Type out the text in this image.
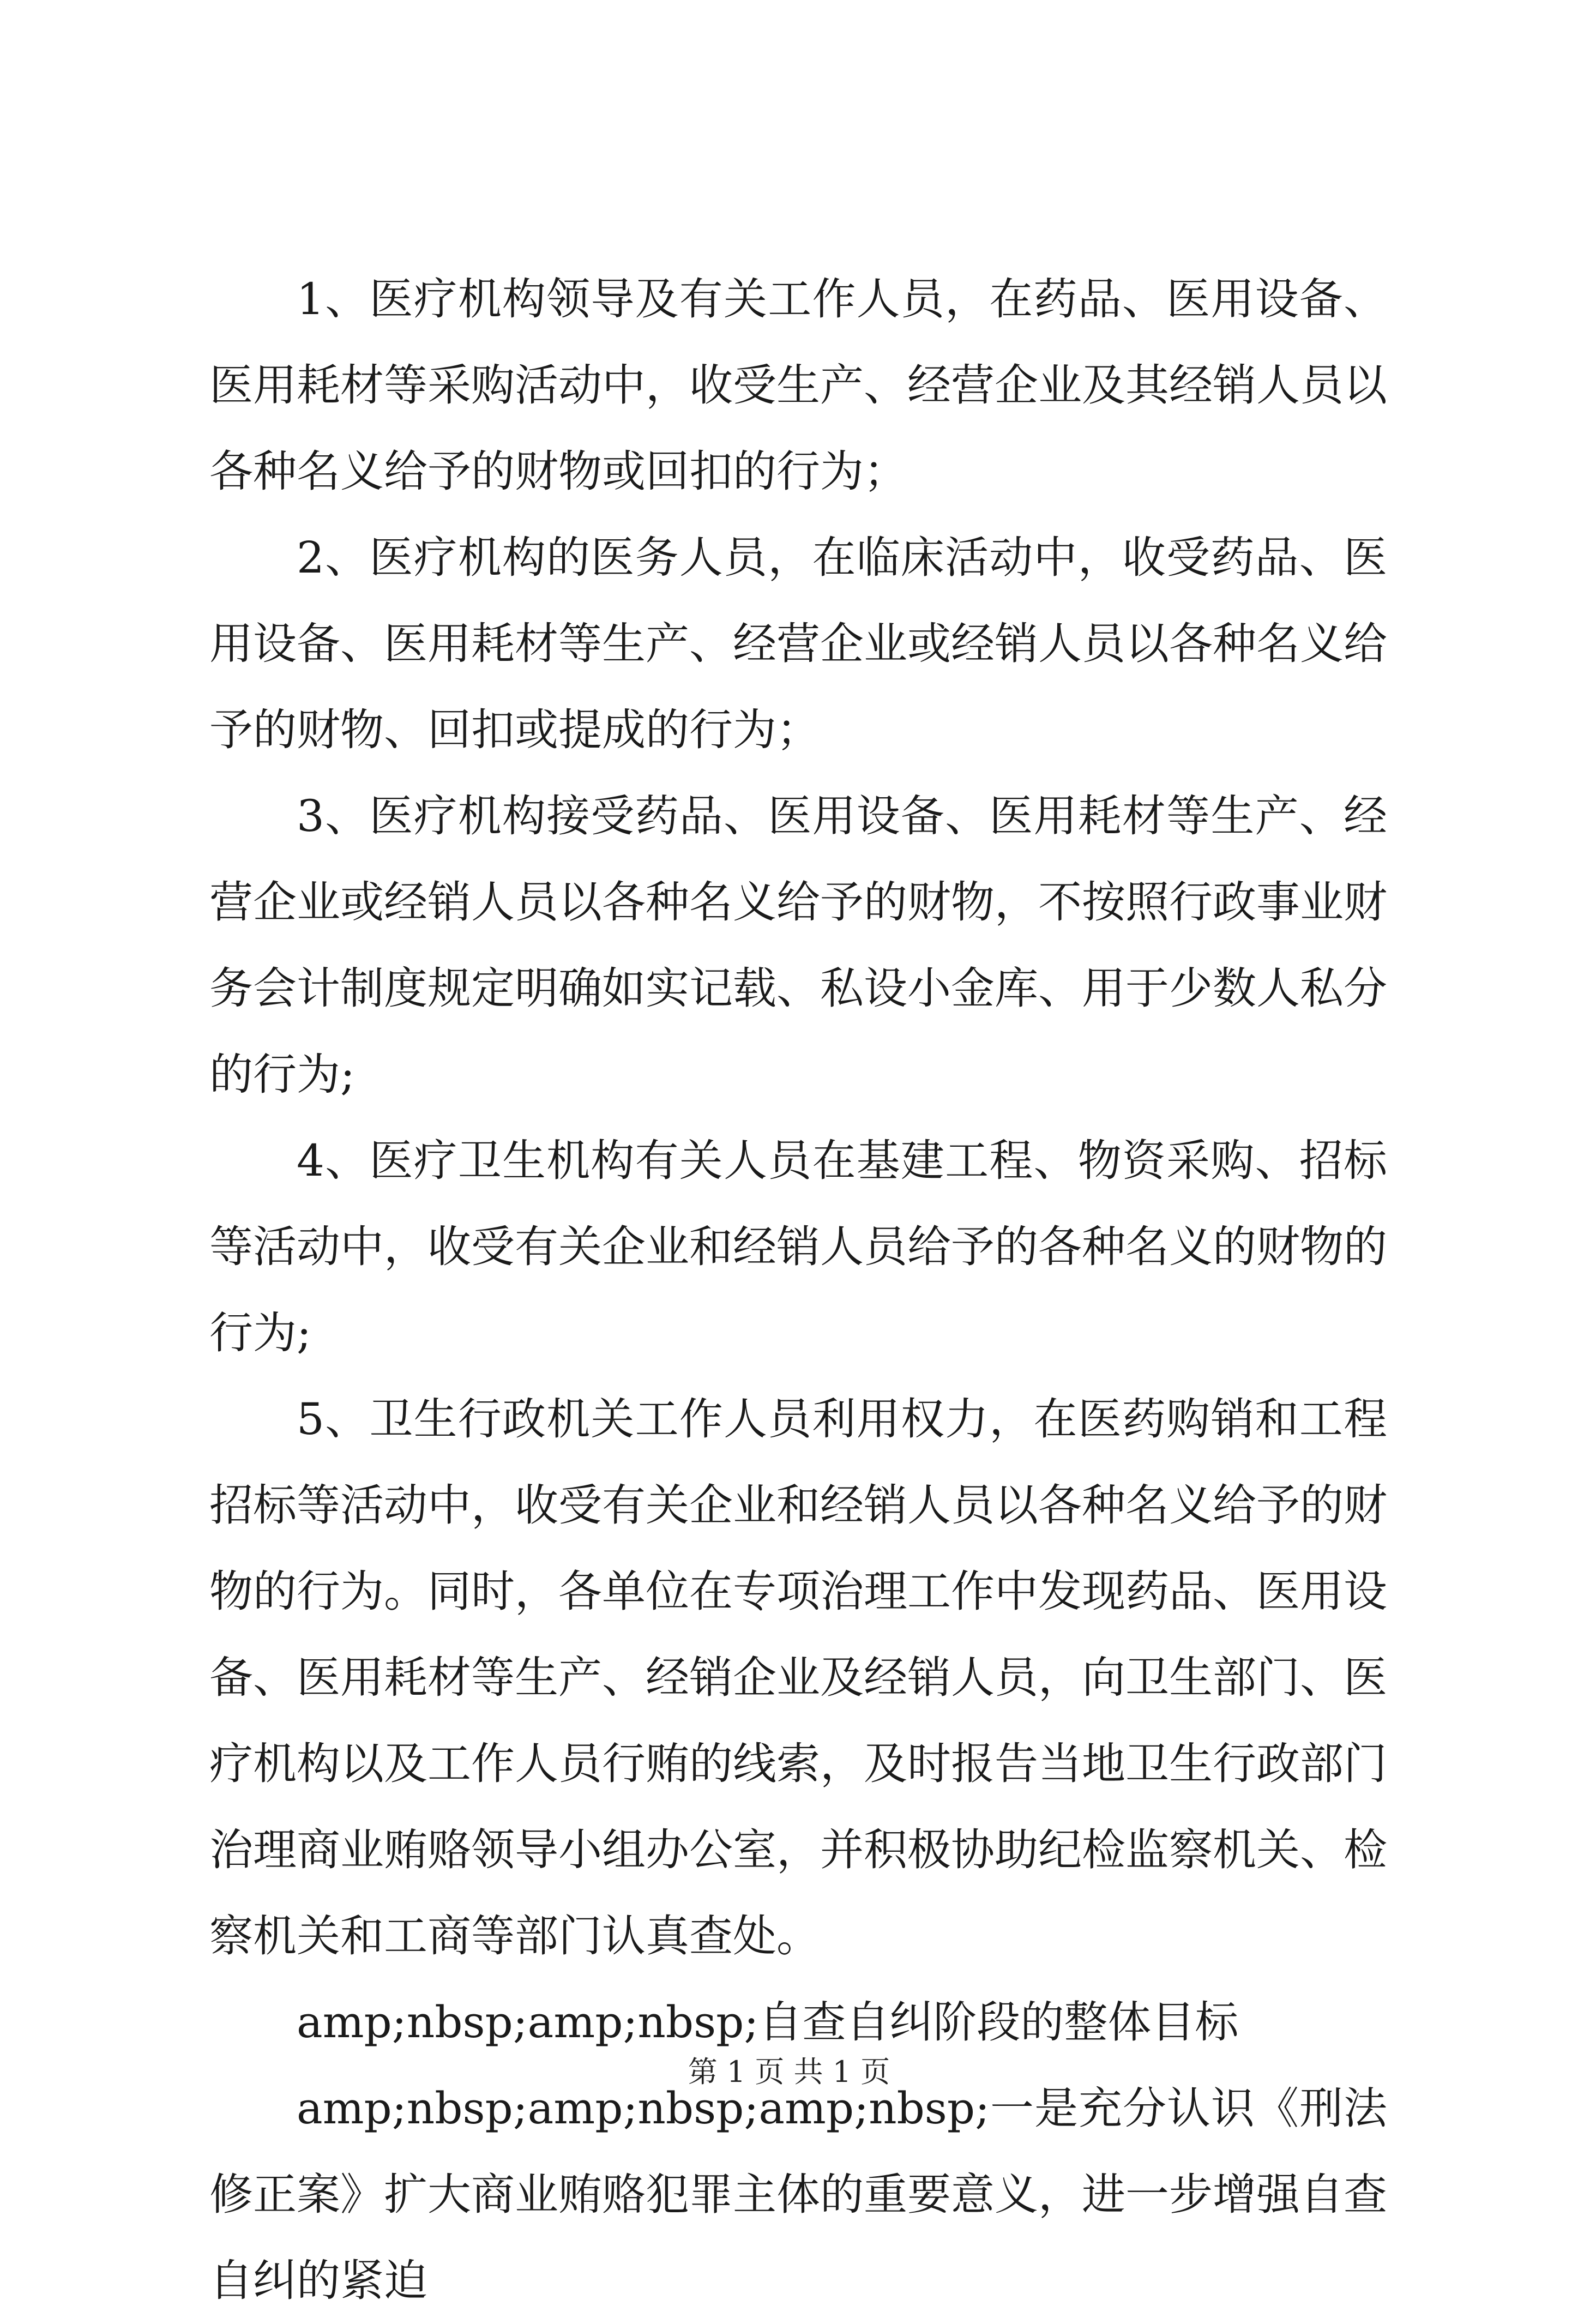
1、医疗机构领导及有关工作人员，在药品、医用设备、医用耗材等采购活动中，收受生产、经营企业及其经销人员以各种名义给予的财物或回扣的行为；

2、医疗机构的医务人员，在临床活动中，收受药品、医用设备、医用耗材等生产、经营企业或经销人员以各种名义给予的财物、回扣或提成的行为；

3、医疗机构接受药品、医用设备、医用耗材等生产、经营企业或经销人员以各种名义给予的财物，不按照行政事业财务会计制度规定明确如实记载、私设小金库、用于少数人私分的行为;

4、医疗卫生机构有关人员在基建工程、物资采购、招标等活动中，收受有关企业和经销人员给予的各种名义的财物的行为;

5、卫生行政机关工作人员利用权力，在医药购销和工程招标等活动中，收受有关企业和经销人员以各种名义给予的财物的行为。同时，各单位在专项治理工作中发现药品、医用设备、医用耗材等生产、经销企业及经销人员，向卫生部门、医疗机构以及工作人员行贿的线索，及时报告当地卫生行政部门治理商业贿赂领导小组办公室，并积极协助纪检监察机关、检察机关和工商等部门认真查处。

amp;nbsp;amp;nbsp;自查自纠阶段的整体目标

amp;nbsp;amp;nbsp;amp;nbsp;一是充分认识《刑法修正案》扩大商业贿赂犯罪主体的重要意义，进一步增强自查自纠的紧迫

第 1 页 共 1 页
